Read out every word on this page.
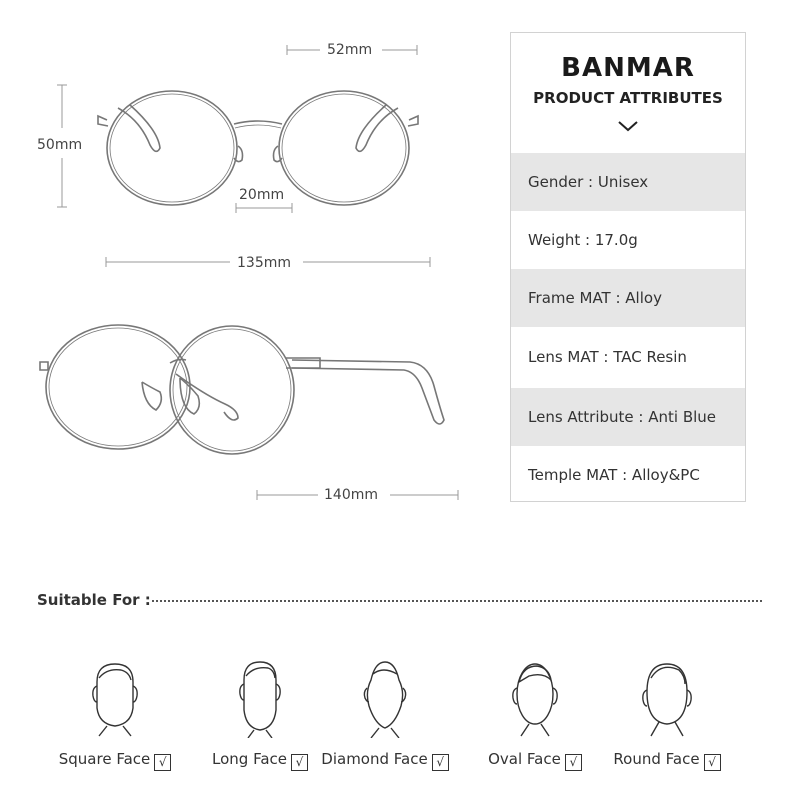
52mm
50mm
20mm
135mm
140mm
BANMAR
PRODUCT ATTRIBUTES
Gender : Unisex
Weight : 17.0g
Frame MAT : Alloy
Lens MAT : TAC Resin
Lens Attribute : Anti Blue
Temple MAT : Alloy&PC
Suitable For :
Square Face √	Long Face √	Diamond Face √	Oval Face √	Round Face √
